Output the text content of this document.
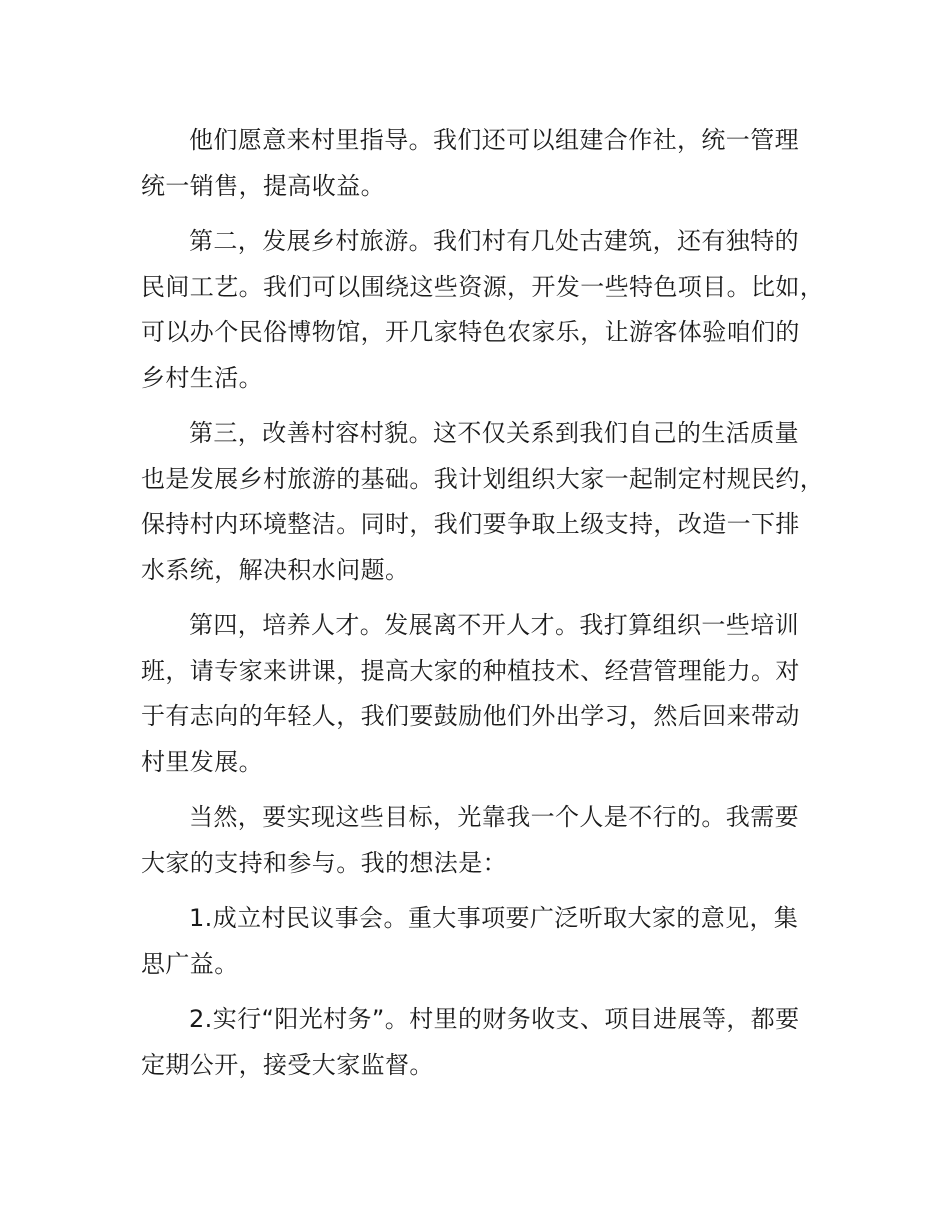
他们愿意来村里指导。我们还可以组建合作社，统一管理
统一销售，提高收益。

第二，发展乡村旅游。我们村有几处古建筑，还有独特的
民间工艺。我们可以围绕这些资源，开发一些特色项目。比如，
可以办个民俗博物馆，开几家特色农家乐，让游客体验咱们的
乡村生活。

第三，改善村容村貌。这不仅关系到我们自己的生活质量
也是发展乡村旅游的基础。我计划组织大家一起制定村规民约，
保持村内环境整洁。同时，我们要争取上级支持，改造一下排
水系统，解决积水问题。

第四，培养人才。发展离不开人才。我打算组织一些培训
班，请专家来讲课，提高大家的种植技术、经营管理能力。对
于有志向的年轻人，我们要鼓励他们外出学习，然后回来带动
村里发展。

当然，要实现这些目标，光靠我一个人是不行的。我需要
大家的支持和参与。我的想法是：

1.成立村民议事会。重大事项要广泛听取大家的意见，集
思广益。

2.实行“阳光村务”。村里的财务收支、项目进展等，都要
定期公开，接受大家监督。
